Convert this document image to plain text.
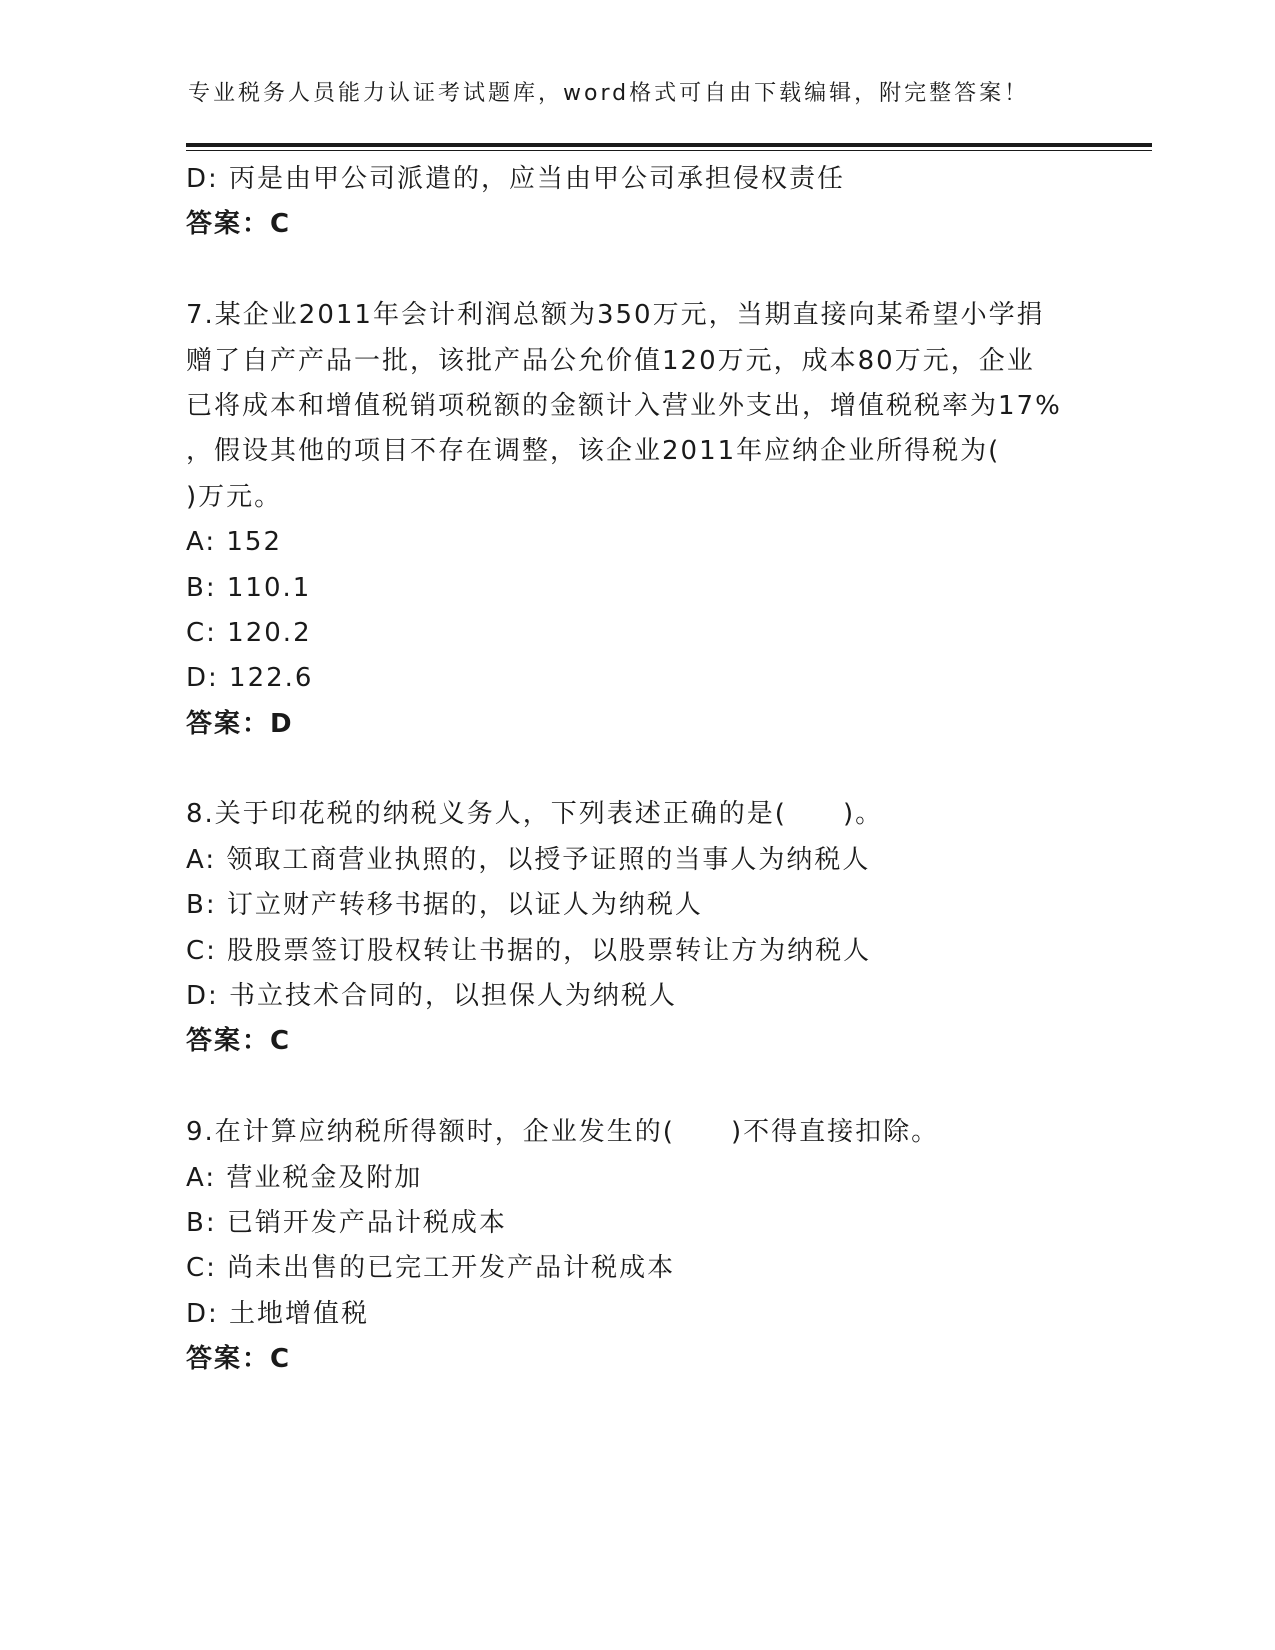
专业税务人员能力认证考试题库，word格式可自由下载编辑，附完整答案！
D: 丙是由甲公司派遣的，应当由甲公司承担侵权责任
答案：C
7.某企业2011年会计利润总额为350万元，当期直接向某希望小学捐
赠了自产产品一批，该批产品公允价值120万元，成本80万元，企业
已将成本和增值税销项税额的金额计入营业外支出，增值税税率为17%
，假设其他的项目不存在调整，该企业2011年应纳企业所得税为(
)万元。
A: 152
B: 110.1
C: 120.2
D: 122.6
答案：D
8.关于印花税的纳税义务人，下列表述正确的是(　　)。
A: 领取工商营业执照的，以授予证照的当事人为纳税人
B: 订立财产转移书据的，以证人为纳税人
C: 股股票签订股权转让书据的，以股票转让方为纳税人
D: 书立技术合同的，以担保人为纳税人
答案：C
9.在计算应纳税所得额时，企业发生的(　　)不得直接扣除。
A: 营业税金及附加
B: 已销开发产品计税成本
C: 尚未出售的已完工开发产品计税成本
D: 土地增值税
答案：C
